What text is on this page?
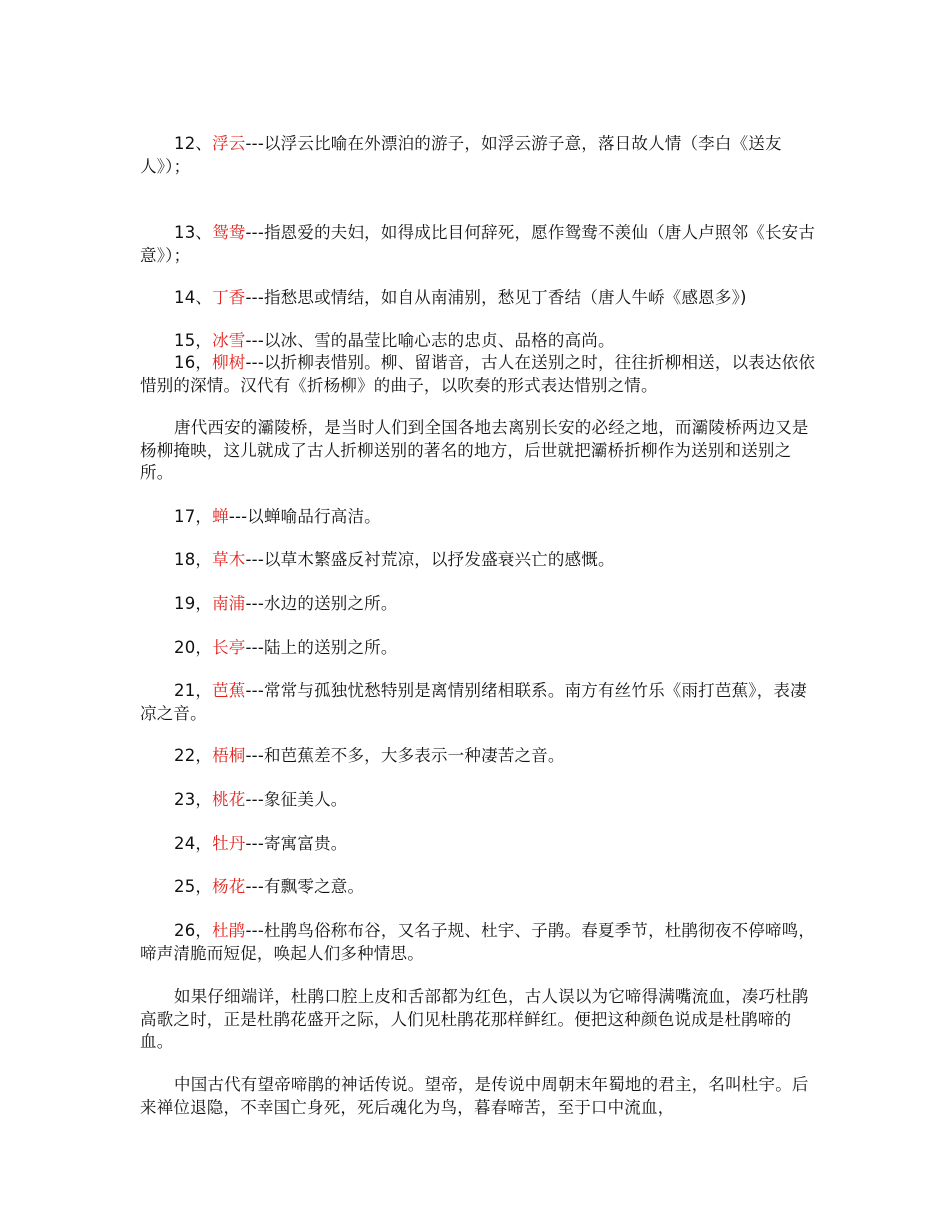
12、浮云---以浮云比喻在外漂泊的游子，如浮云游子意，落日故人情（李白《送友人》）；

13、鸳鸯---指恩爱的夫妇，如得成比目何辞死，愿作鸳鸯不羡仙（唐人卢照邻《长安古意》）；

14、丁香---指愁思或情结，如自从南浦别，愁见丁香结（唐人牛峤《感恩多》)

15，冰雪---以冰、雪的晶莹比喻心志的忠贞、品格的高尚。

16，柳树---以折柳表惜别。柳、留谐音，古人在送别之时，往往折柳相送，以表达依依惜别的深情。汉代有《折杨柳》的曲子，以吹奏的形式表达惜别之情。

唐代西安的灞陵桥，是当时人们到全国各地去离别长安的必经之地，而灞陵桥两边又是杨柳掩映，这儿就成了古人折柳送别的著名的地方，后世就把灞桥折柳作为送别和送别之所。

17，蝉---以蝉喻品行高洁。

18，草木---以草木繁盛反衬荒凉，以抒发盛衰兴亡的感慨。

19，南浦---水边的送别之所。

20，长亭---陆上的送别之所。

21，芭蕉---常常与孤独忧愁特别是离情别绪相联系。南方有丝竹乐《雨打芭蕉》，表凄凉之音。

22，梧桐---和芭蕉差不多，大多表示一种凄苦之音。

23，桃花---象征美人。

24，牡丹---寄寓富贵。

25，杨花---有飘零之意。

26，杜鹃---杜鹃鸟俗称布谷，又名子规、杜宇、子鹃。春夏季节，杜鹃彻夜不停啼鸣，啼声清脆而短促，唤起人们多种情思。

如果仔细端详，杜鹃口腔上皮和舌部都为红色，古人误以为它啼得满嘴流血，凑巧杜鹃高歌之时，正是杜鹃花盛开之际，人们见杜鹃花那样鲜红。便把这种颜色说成是杜鹃啼的血。

中国古代有望帝啼鹃的神话传说。望帝，是传说中周朝末年蜀地的君主，名叫杜宇。后来禅位退隐，不幸国亡身死，死后魂化为鸟，暮春啼苦，至于口中流血，
